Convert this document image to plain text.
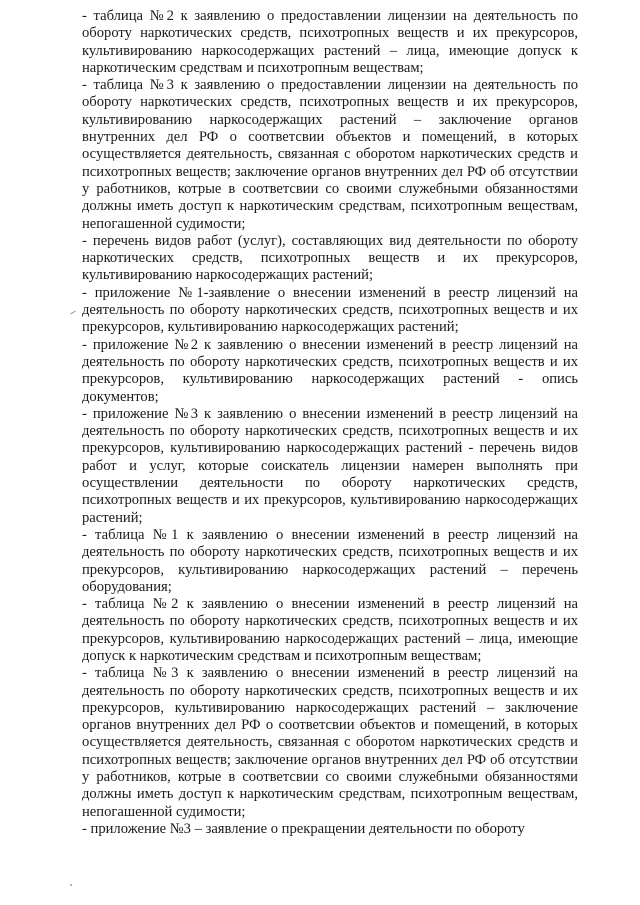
- таблица №2 к заявлению о предоставлении лицензии на деятельность по обороту наркотических средств, психотропных веществ и их прекурсоров, культивированию наркосодержащих растений – лица, имеющие допуск к наркотическим средствам и психотропным веществам;

- таблица №3 к заявлению о предоставлении лицензии на деятельность по обороту наркотических средств, психотропных веществ и их прекурсоров, культивированию наркосодержащих растений – заключение органов внутренних дел РФ о соответсвии объектов и помещений, в которых осуществляется деятельность, связанная с оборотом наркотических средств и психотропных веществ; заключение органов внутренних дел РФ об отсутствии у работников, котрые в соответсвии со своими служебными обязанностями должны иметь доступ к наркотическим средствам, психотропным веществам, непогашенной судимости;

- перечень видов работ (услуг), составляющих вид деятельности по обороту наркотических средств, психотропных веществ и их прекурсоров, культивированию наркосодержащих растений;

- приложение №1-заявление о внесении изменений в реестр лицензий на деятельность по обороту наркотических средств, психотропных веществ и их прекурсоров, культивированию наркосодержащих растений;

- приложение №2 к заявлению о внесении изменений в реестр лицензий на деятельность по обороту наркотических средств, психотропных веществ и их прекурсоров, культивированию наркосодержащих растений - опись документов;

- приложение №3 к заявлению о внесении изменений в реестр лицензий на деятельность по обороту наркотических средств, психотропных веществ и их прекурсоров, культивированию наркосодержащих растений - перечень видов работ и услуг, которые соискатель лицензии намерен выполнять при осуществлении деятельности по обороту наркотических средств, психотропных веществ и их прекурсоров, культивированию наркосодержащих растений;

- таблица №1 к заявлению о внесении изменений в реестр лицензий на деятельность по обороту наркотических средств, психотропных веществ и их прекурсоров, культивированию наркосодержащих растений – перечень оборудования;

- таблица №2 к заявлению о внесении изменений в реестр лицензий на деятельность по обороту наркотических средств, психотропных веществ и их прекурсоров, культивированию наркосодержащих растений – лица, имеющие допуск к наркотическим средствам и психотропным веществам;

- таблица №3 к заявлению о внесении изменений в реестр лицензий на деятельность по обороту наркотических средств, психотропных веществ и их прекурсоров, культивированию наркосодержащих растений – заключение органов внутренних дел РФ о соответсвии объектов и помещений, в которых осуществляется деятельность, связанная с оборотом наркотических средств и психотропных веществ; заключение органов внутренних дел РФ об отсутствии у работников, котрые в соответсвии со своими служебными обязанностями должны иметь доступ к наркотическим средствам, психотропным веществам, непогашенной судимости;

- приложение №3 – заявление о прекращении деятельности по обороту
